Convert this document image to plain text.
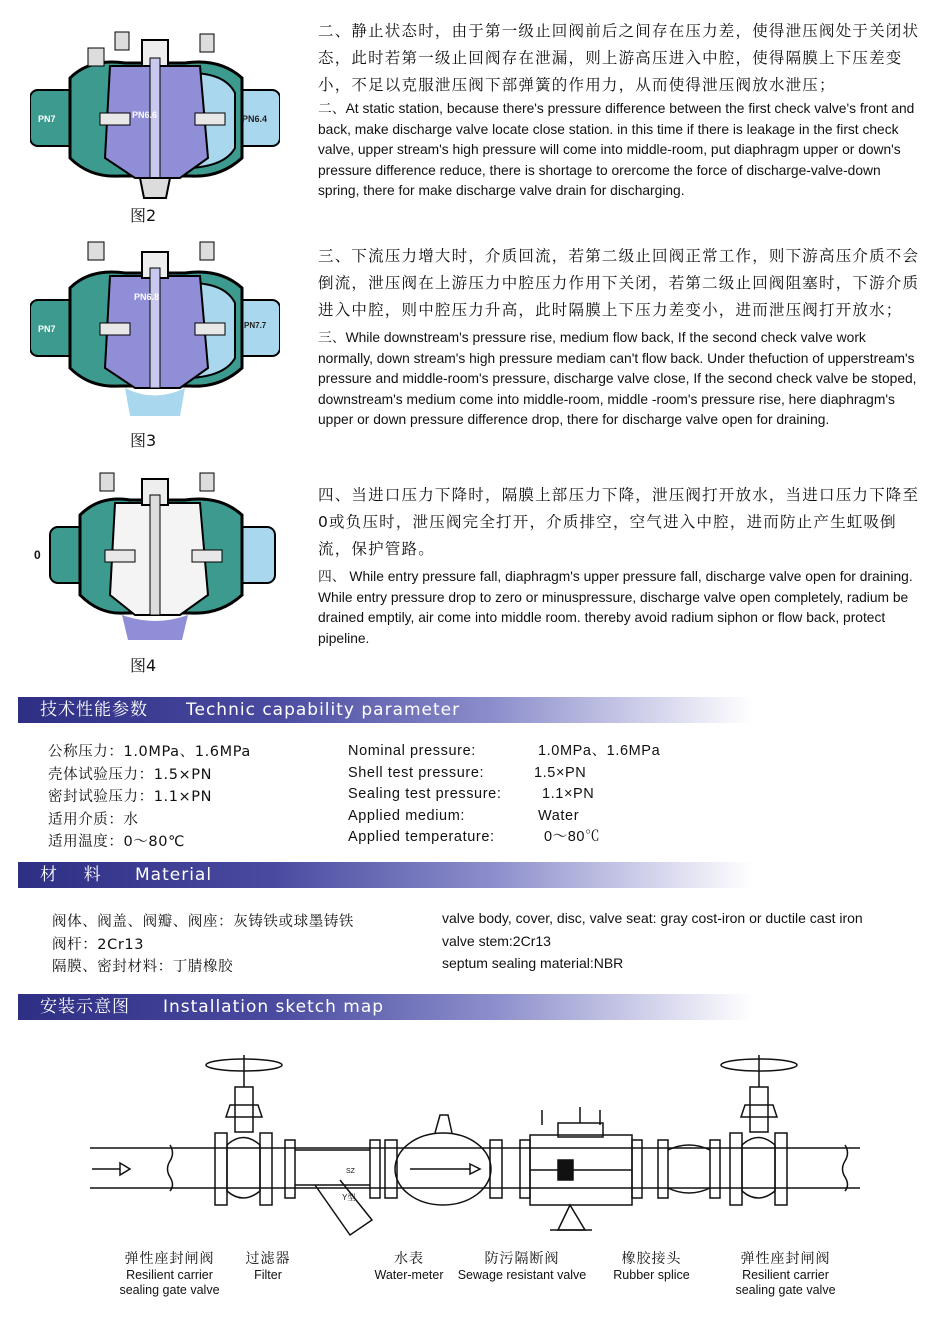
PN7	PN6.6	PN6.4
图2
PN7
PN6.8
PN7.7
图3
0
图4
二、静止状态时，由于第一级止回阀前后之间存在压力差，使得泄压阀处于关闭状态，此时若第一级止回阀存在泄漏，则上游高压进入中腔，使得隔膜上下压差变小，不足以克服泄压阀下部弹簧的作用力，从而使得泄压阀放水泄压；
二、At static station, because there's pressure difference between the first check valve's front and back, make discharge valve locate close station. in this time if there is leakage in the first check valve, upper stream's high pressure will come into middle-room, put diaphragm upper or down's pressure difference reduce, there is shortage to orercome the force of discharge-valve-down spring, there for make discharge valve drain for discharging.
三、下流压力增大时，介质回流，若第二级止回阀正常工作，则下游高压介质不会倒流，泄压阀在上游压力中腔压力作用下关闭，若第二级止回阀阻塞时，下游介质进入中腔，则中腔压力升高，此时隔膜上下压力差变小，进而泄压阀打开放水；
三、While downstream's pressure rise, medium flow back, If the second check valve work normally, down stream's high pressure mediam can't flow back. Under thefuction of upperstream's pressure and middle-room's pressure, discharge valve close, If the second check valve be stoped, downstream's medium come into middle-room, middle -room's pressure rise, here diaphragm's upper or down pressure difference drop, there for discharge valve open for draining.
四、当进口压力下降时，隔膜上部压力下降，泄压阀打开放水，当进口压力下降至0或负压时，泄压阀完全打开，介质排空，空气进入中腔，进而防止产生虹吸倒流，保护管路。
四、 While entry pressure fall, diaphragm's upper pressure fall, discharge valve open for draining. While entry pressure drop to zero or minuspressure, discharge valve open completely, radium be drained emptily, air come into middle room. thereby avoid radium siphon or flow back, protect pipeline.
技术性能参数 Technic capability parameter
公称压力：1.0MPa、1.6MPa
壳体试验压力：1.5×PN
密封试验压力：1.1×PN
适用介质：水
适用温度：0～80℃
Nominal pressure:	1.0MPa、1.6MPa
Shell test pressure:	1.5×PN
Sealing test pressure:	1.1×PN
Applied medium:	Water
Applied temperature:	0～80℃
材    料 Material
阀体、阀盖、阀瓣、阀座：灰铸铁或球墨铸铁
阀杆：2Cr13
隔膜、密封材料：丁腈橡胶
valve body, cover, disc, valve seat: gray cost-iron or ductile cast iron
valve stem:2Cr13
septum sealing material:NBR
安装示意图 Installation sketch map
Y型
SZ
弹性座封闸阀
Resilient carrier
sealing gate valve
过滤器
Filter
水表
Water-meter
防污隔断阀
Sewage resistant valve
橡胶接头
Rubber splice
弹性座封闸阀
Resilient carrier
sealing gate valve
